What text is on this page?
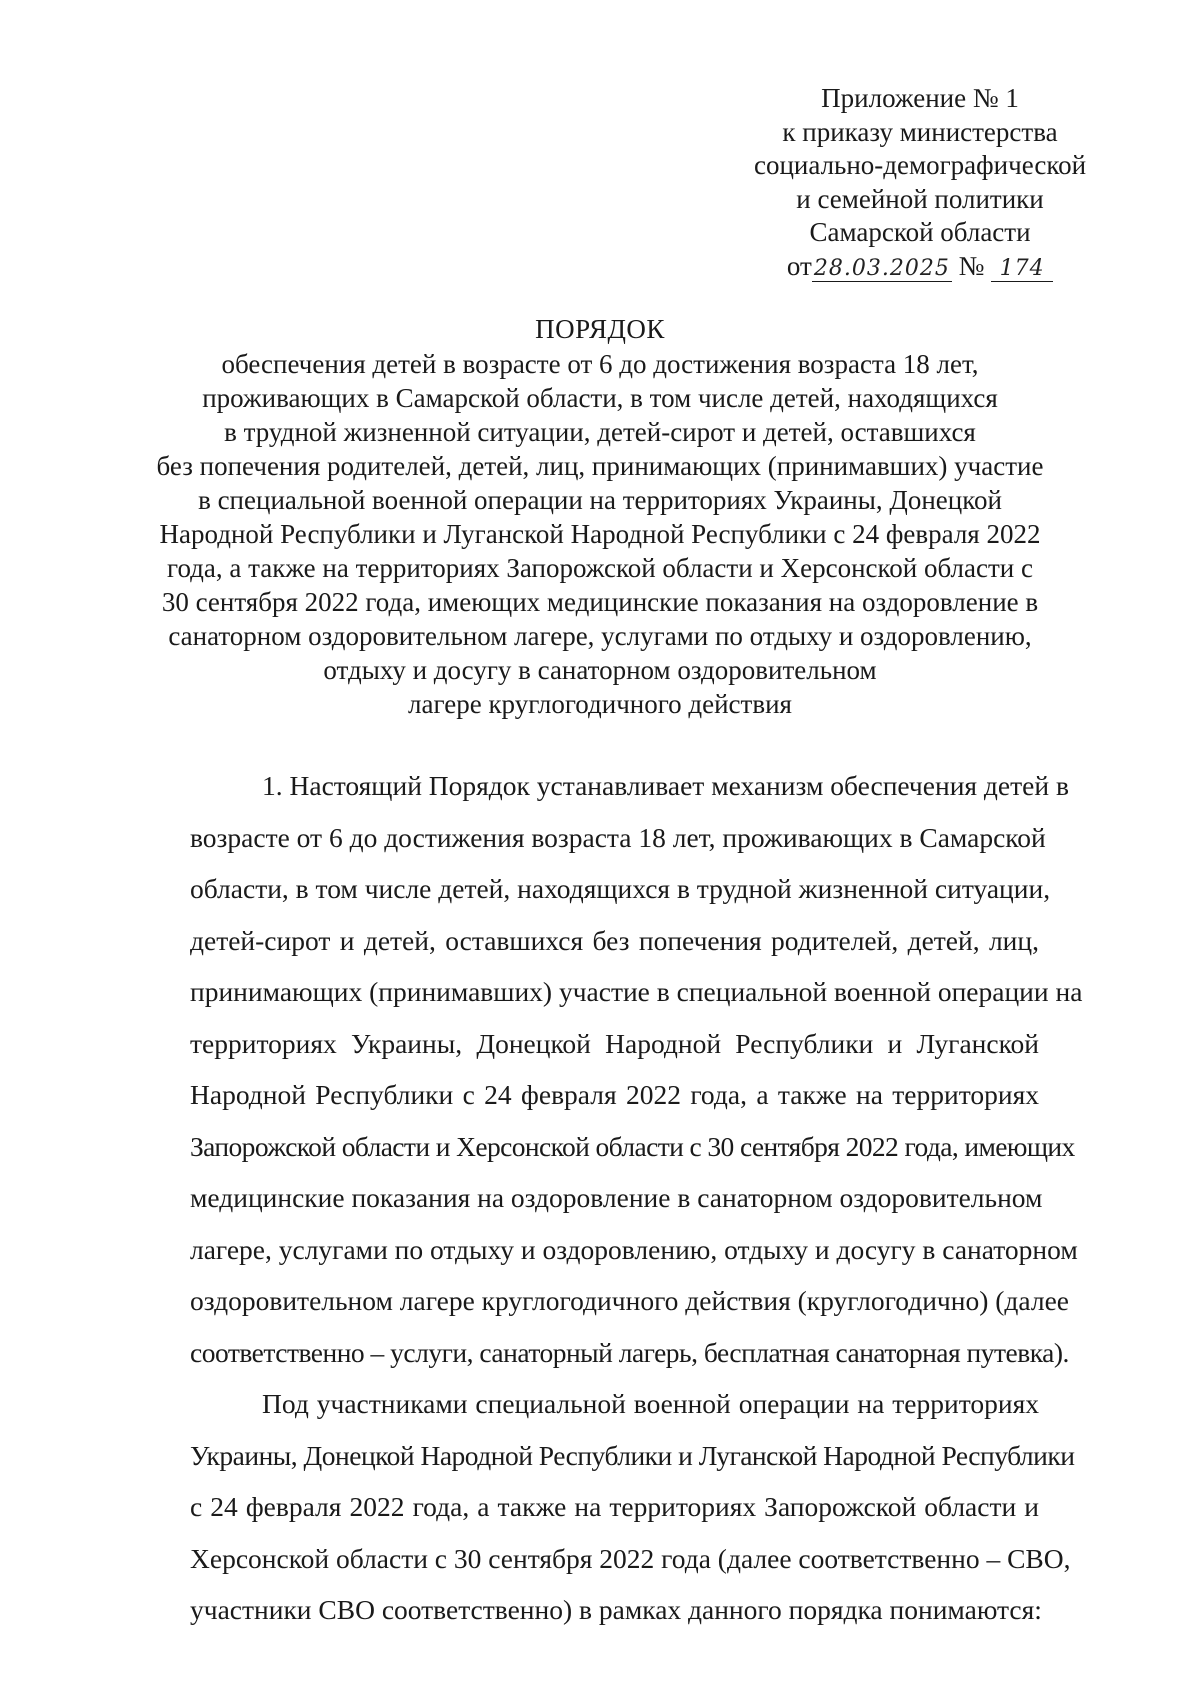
Приложение № 1
к приказу министерства
социально-демографической
и семейной политики
Самарской области
от28.03.2025 № 174
ПОРЯДОК
обеспечения детей в возрасте от 6 до достижения возраста 18 лет,
проживающих в Самарской области, в том числе детей, находящихся
в трудной жизненной ситуации, детей-сирот и детей, оставшихся
без попечения родителей, детей, лиц, принимающих (принимавших) участие
в специальной военной операции на территориях Украины, Донецкой
Народной Республики и Луганской Народной Республики с 24 февраля 2022
года, а также на территориях Запорожской области и Херсонской области с
30 сентября 2022 года, имеющих медицинские показания на оздоровление в
санаторном оздоровительном лагере, услугами по отдыху и оздоровлению,
отдыху и досугу в санаторном оздоровительном
лагере круглогодичного действия
1. Настоящий Порядок устанавливает механизм обеспечения детей в
возрасте от 6 до достижения возраста 18 лет, проживающих в Самарской
области, в том числе детей, находящихся в трудной жизненной ситуации,
детей-сирот и детей, оставшихся без попечения родителей, детей, лиц,
принимающих (принимавших) участие в специальной военной операции на
территориях Украины, Донецкой Народной Республики и Луганской
Народной Республики с 24 февраля 2022 года, а также на территориях
Запорожской области и Херсонской области с 30 сентября 2022 года, имеющих
медицинские показания на оздоровление в санаторном оздоровительном
лагере, услугами по отдыху и оздоровлению, отдыху и досугу в санаторном
оздоровительном лагере круглогодичного действия (круглогодично) (далее
соответственно – услуги, санаторный лагерь, бесплатная санаторная путевка).
Под участниками специальной военной операции на территориях
Украины, Донецкой Народной Республики и Луганской Народной Республики
с 24 февраля 2022 года, а также на территориях Запорожской области и
Херсонской области с 30 сентября 2022 года (далее соответственно – СВО,
участники СВО соответственно) в рамках данного порядка понимаются:
